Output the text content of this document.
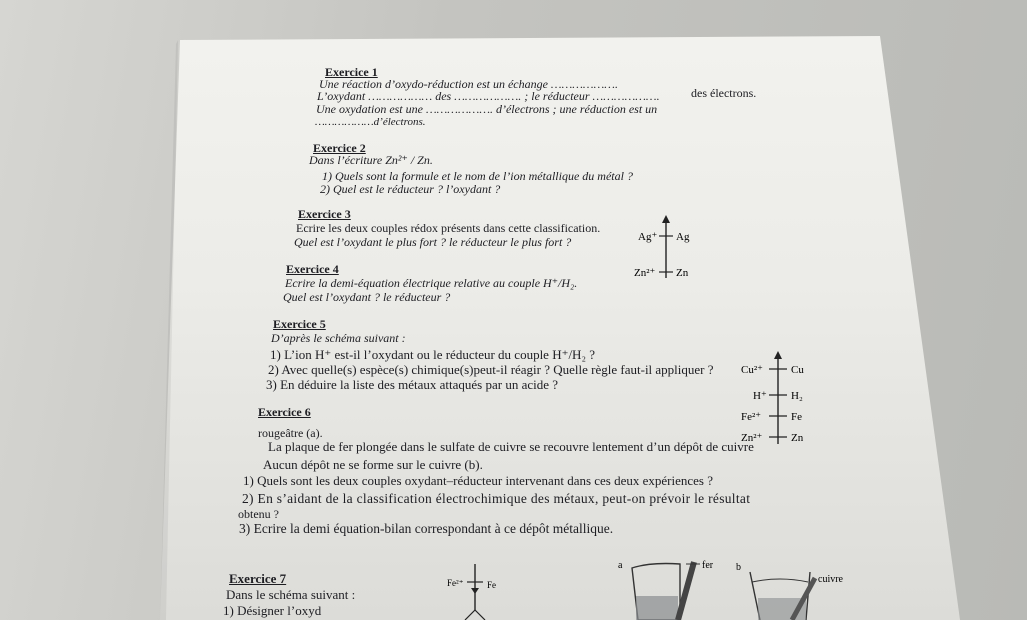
Exercice 1
Une réaction d’oxydo-réduction est un échange ……………….
L’oxydant ……………… des ………………. ; le réducteur ……………….	des électrons.
Une oxydation est une ………………. d’électrons ; une réduction est un
………………d’électrons.
Exercice 2
Dans l’écriture Zn²⁺ / Zn.
1) Quels sont la formule et le nom de l’ion métallique du métal ?
2) Quel est le réducteur ? l’oxydant ?
Exercice 3
Ecrire les deux couples rédox présents dans cette classification.
Quel est l’oxydant le plus fort ? le réducteur le plus fort ?
Exercice 4
Ecrire la demi-équation électrique relative au couple H⁺/H₂.
Quel est l’oxydant ? le réducteur ?
Ag⁺ Ag
Zn²⁺ Zn
Exercice 5
D’après le schéma suivant :
1) L’ion H⁺ est-il l’oxydant ou le réducteur du couple H⁺/H₂ ?
2) Avec quelle(s) espèce(s) chimique(s)peut-il réagir ? Quelle règle faut-il appliquer ?
3) En déduire la liste des métaux attaqués par un acide ?
Cu²⁺	Cu
H⁺ H₂
Fe²⁺	Fe
Zn²⁺	Zn
Exercice 6
La plaque de fer plongée dans le sulfate de cuivre se recouvre lentement d’un dépôt de cuivre
rougeâtre (a).
Aucun dépôt ne se forme sur le cuivre (b).
1) Quels sont les deux couples oxydant–réducteur intervenant dans ces deux expériences ?
2) En s’aidant de la classification électrochimique des métaux, peut-on prévoir le résultat
obtenu ?
3) Ecrire la demi équation-bilan correspondant à ce dépôt métallique.
Exercice 7
Dans le schéma suivant :
1) Désigner l’oxyd
Fe²⁺	Fe
a	fer b
cuivre
